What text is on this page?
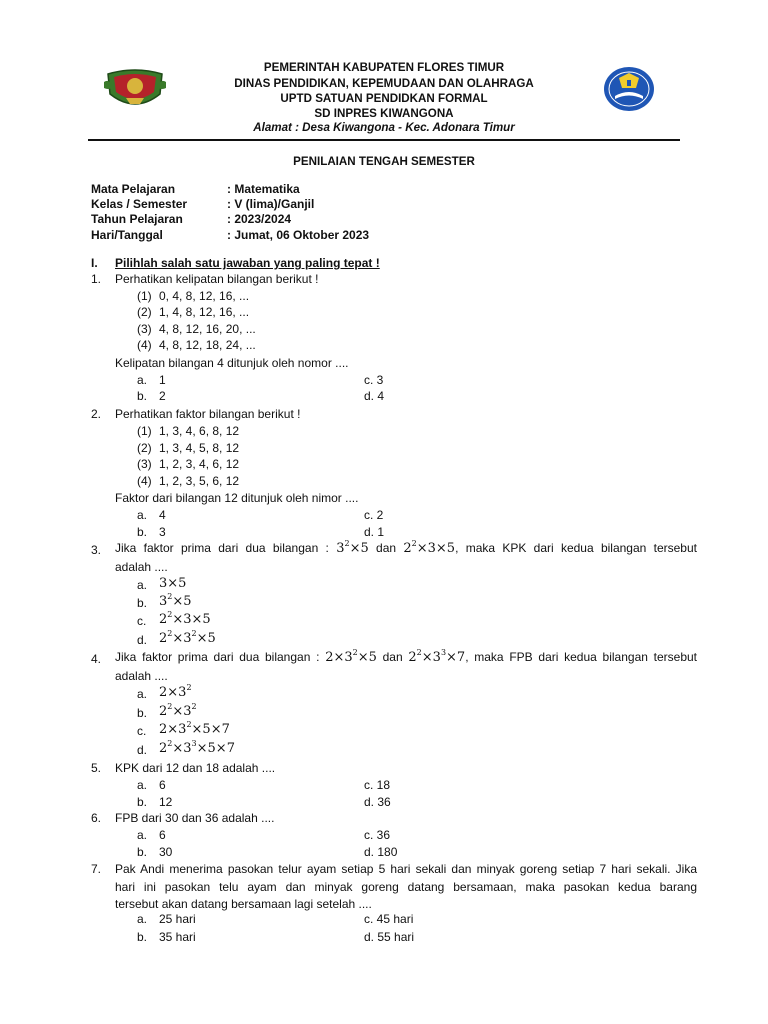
PEMERINTAH KABUPATEN FLORES TIMUR
DINAS PENDIDIKAN, KEPEMUDAAN DAN OLAHRAGA
UPTD SATUAN PENDIDKAN FORMAL
SD INPRES KIWANGONA
Alamat : Desa Kiwangona - Kec. Adonara Timur
PENILAIAN TENGAH SEMESTER
Mata Pelajaran	: Matematika
Kelas / Semester	: V (lima)/Ganjil
Tahun Pelajaran	: 2023/2024
Hari/Tanggal	: Jumat, 06 Oktober 2023
I. Pilihlah salah satu jawaban yang paling tepat !
1. Perhatikan kelipatan bilangan berikut !
(1) 0, 4, 8, 12, 16, ...
(2) 1, 4, 8, 12, 16, ...
(3) 4, 8, 12, 16, 20, ...
(4) 4, 8, 12, 18, 24, ...
Kelipatan bilangan 4 ditunjuk oleh nomor ....
a. 1	c. 3
b. 2	d. 4
2. Perhatikan faktor bilangan berikut !
(1) 1, 3, 4, 6, 8, 12
(2) 1, 3, 4, 5, 8, 12
(3) 1, 2, 3, 4, 6, 12
(4) 1, 2, 3, 5, 6, 12
Faktor dari bilangan 12 ditunjuk oleh nimor ....
a. 4	c. 2
b. 3	d. 1
3. Jika faktor prima dari dua bilangan : $3^2\times 5$ dan $2^2\times 3\times 5$, maka KPK dari kedua bilangan tersebut
adalah ....
a. 3×5
b. $3^2\times 5$
c. $2^2\times 3\times 5$
d. $2^2\times 3^2\times 5$
4. Jika faktor prima dari dua bilangan : $2\times 3^2\times 5$ dan $2^2\times 3^3\times 7$, maka FPB dari kedua bilangan tersebut
adalah ....
a. $2\times 3^2$
b. $2^2\times 3^2$
c. $2\times 3^2\times 5\times 7$
d. $2^2\times 3^3\times 5\times 7$
5. KPK dari 12 dan 18 adalah ....
a. 6	c. 18
b. 12	d. 36
6. FPB dari 30 dan 36 adalah ....
a. 6	c. 36
b. 30	d. 180
7. Pak Andi menerima pasokan telur ayam setiap 5 hari sekali dan minyak goreng setiap 7 hari sekali. Jika
hari ini pasokan telu ayam dan minyak goreng datang bersamaan, maka pasokan kedua barang
tersebut akan datang bersamaan lagi setelah ....
a. 25 hari	c. 45 hari
b. 35 hari	d. 55 hari
